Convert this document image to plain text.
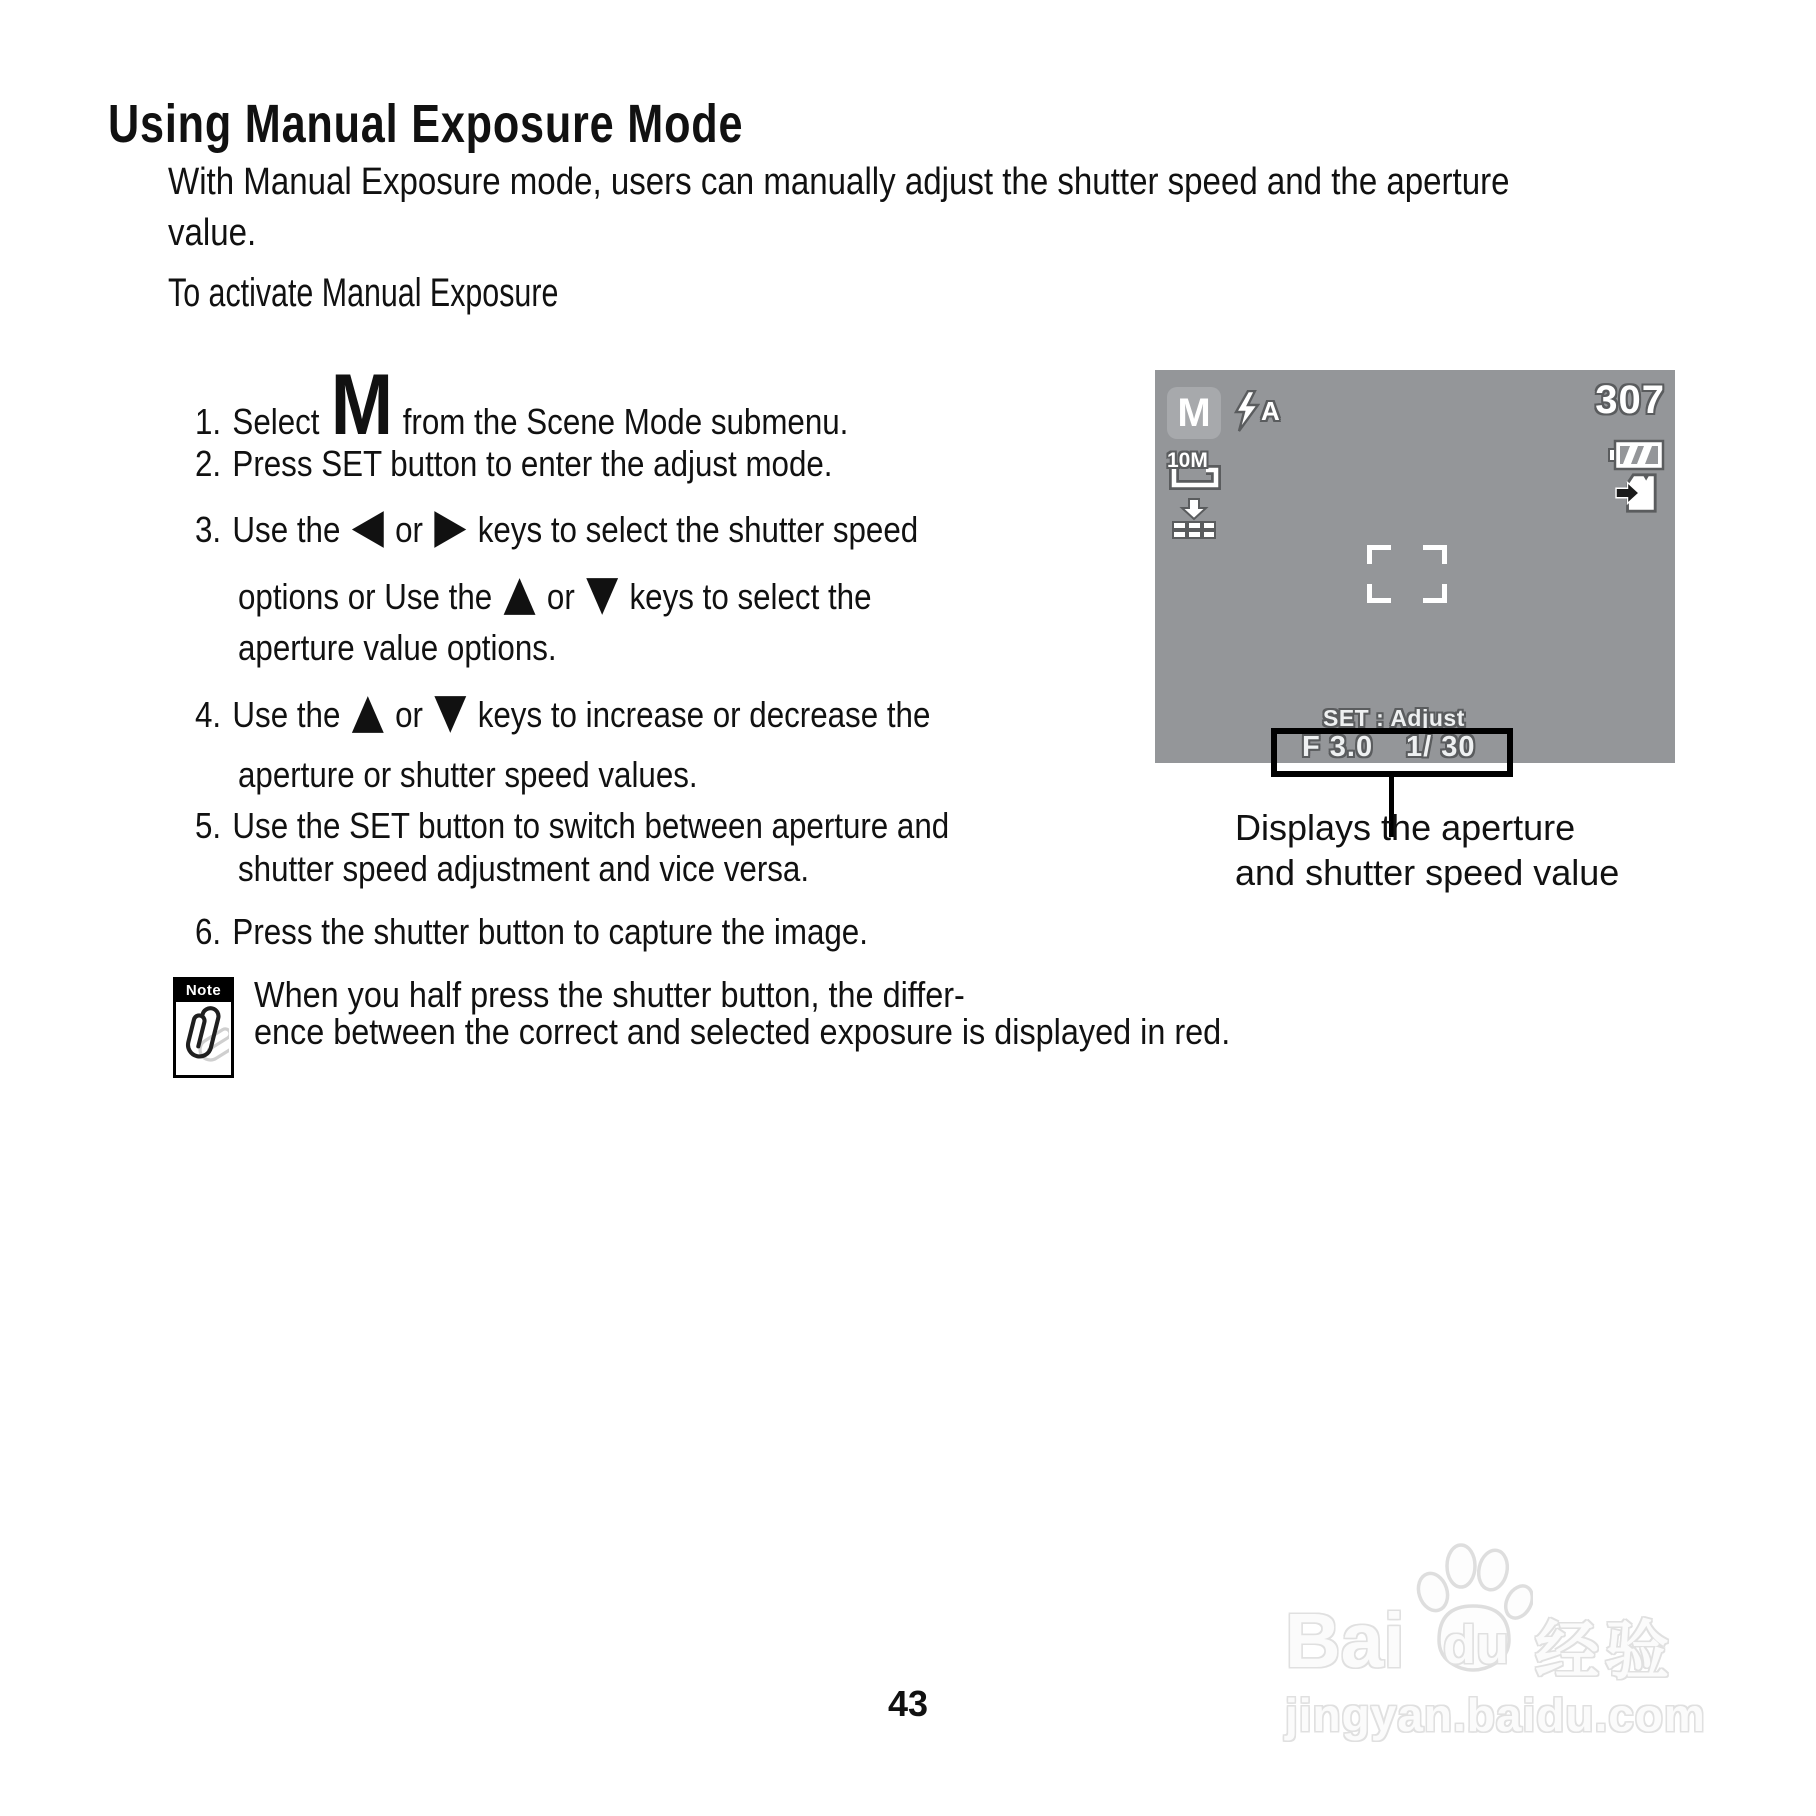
Using Manual Exposure Mode
With Manual Exposure mode, users can manually adjust the shutter speed and the aperture
value.
To activate Manual Exposure
1. Select M from the Scene Mode submenu.
2. Press SET button to enter the adjust mode.
3. Use the ◀ or ▶ keys to select the shutter speed
options or Use the ▲ or ▼ keys to select the
aperture value options.
4. Use the ▲ or ▼ keys to increase or decrease the
aperture or shutter speed values.
5. Use the SET button to switch between aperture and
shutter speed adjustment and vice versa.
6. Press the shutter button to capture the image.
M	A	307
10M
SET : Adjust
F 3.0 1/ 30
Displays the aperture
and shutter speed value
Note When you half press the shutter button, the differ-
ence between the correct and selected exposure is displayed in red.
43
Bai du 经验
jingyan.baidu.com
